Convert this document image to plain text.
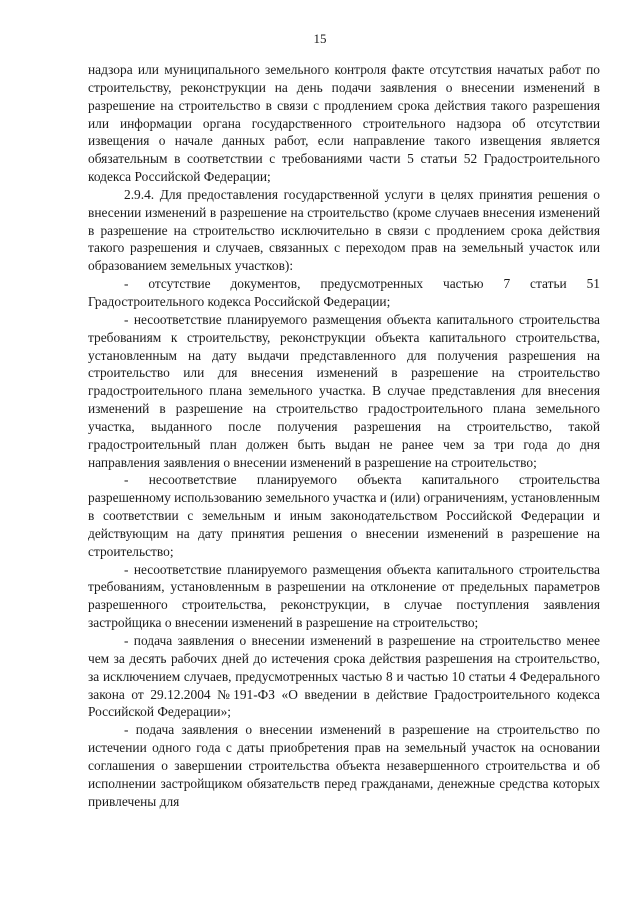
15

надзора или муниципального земельного контроля факте отсутствия начатых работ по строительству, реконструкции на день подачи заявления о внесении изменений в разрешение на строительство в связи с продлением срока действия такого разрешения или информации органа государственного строительного надзора об отсутствии извещения о начале данных работ, если направление такого извещения является обязательным в соответствии с требованиями части 5 статьи 52 Градостроительного кодекса Российской Федерации;

2.9.4. Для предоставления государственной услуги в целях принятия решения о внесении изменений в разрешение на строительство (кроме случаев внесения изменений в разрешение на строительство исключительно в связи с продлением срока действия такого разрешения и случаев, связанных с переходом прав на земельный участок или образованием земельных участков):

- отсутствие документов, предусмотренных частью 7 статьи 51 Градостроительного кодекса Российской Федерации;

- несоответствие планируемого размещения объекта капитального строительства требованиям к строительству, реконструкции объекта капитального строительства, установленным на дату выдачи представленного для получения разрешения на строительство или для внесения изменений в разрешение на строительство градостроительного плана земельного участка. В случае представления для внесения изменений в разрешение на строительство градостроительного плана земельного участка, выданного после получения разрешения на строительство, такой градостроительный план должен быть выдан не ранее чем за три года до дня направления заявления о внесении изменений в разрешение на строительство;

- несоответствие планируемого объекта капитального строительства разрешенному использованию земельного участка и (или) ограничениям, установленным в соответствии с земельным и иным законодательством Российской Федерации и действующим на дату принятия решения о внесении изменений в разрешение на строительство;

- несоответствие планируемого размещения объекта капитального строительства требованиям, установленным в разрешении на отклонение от предельных параметров разрешенного строительства, реконструкции, в случае поступления заявления застройщика о внесении изменений в разрешение на строительство;

- подача заявления о внесении изменений в разрешение на строительство менее чем за десять рабочих дней до истечения срока действия разрешения на строительство, за исключением случаев, предусмотренных частью 8 и частью 10 статьи 4 Федерального закона от 29.12.2004 №191-ФЗ «О введении в действие Градостроительного кодекса Российской Федерации»;

- подача заявления о внесении изменений в разрешение на строительство по истечении одного года с даты приобретения прав на земельный участок на основании соглашения о завершении строительства объекта незавершенного строительства и об исполнении застройщиком обязательств перед гражданами, денежные средства которых привлечены для
